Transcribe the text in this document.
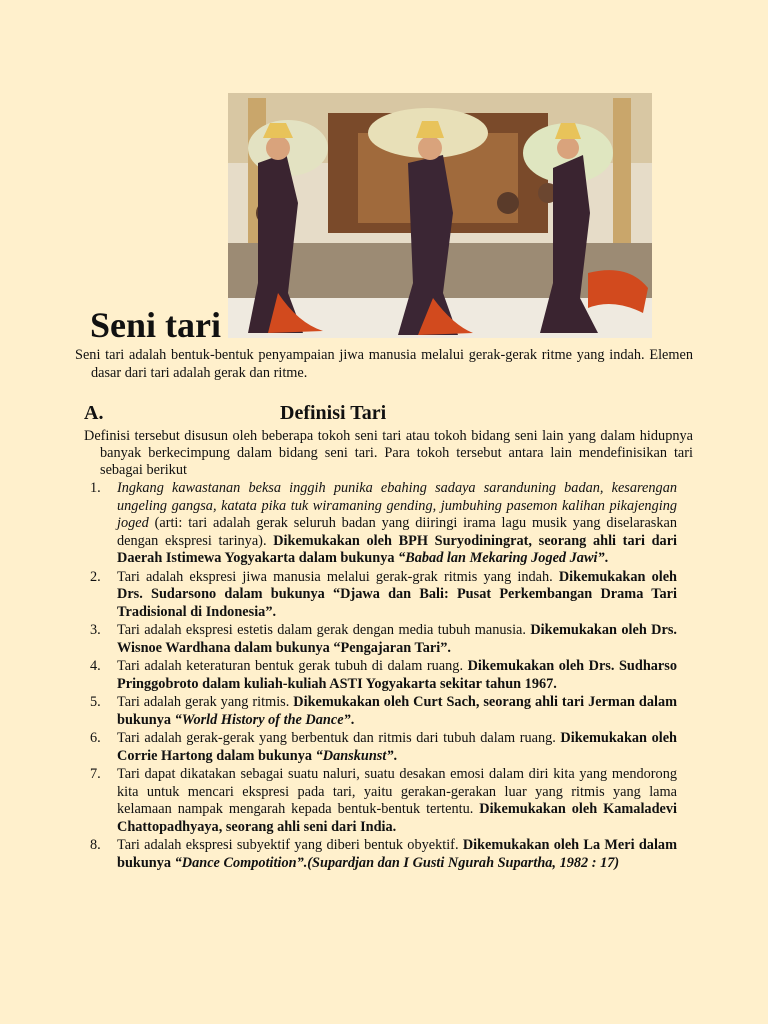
Seni tari

Seni tari adalah bentuk-bentuk penyampaian jiwa manusia melalui gerak-gerak ritme yang indah. Elemen dasar dari tari adalah gerak dan ritme.

A.	Definisi Tari

Definisi tersebut disusun oleh beberapa tokoh seni tari atau tokoh bidang seni lain yang dalam hidupnya banyak berkecimpung dalam bidang seni tari. Para tokoh tersebut antara lain mendefinisikan tari sebagai berikut

1. Ingkang kawastanan beksa inggih punika ebahing sadaya saranduning badan, kesarengan ungeling gangsa, katata pika tuk wiramaning gending, jumbuhing pasemon kalihan pikajenging joged (arti: tari adalah gerak seluruh badan yang diiringi irama lagu musik yang diselaraskan dengan ekspresi tarinya). Dikemukakan oleh BPH Suryodiningrat, seorang ahli tari dari Daerah Istimewa Yogyakarta dalam bukunya “Babad lan Mekaring Joged Jawi”.
2. Tari adalah ekspresi jiwa manusia melalui gerak-grak ritmis yang indah. Dikemukakan oleh Drs. Sudarsono dalam bukunya “Djawa dan Bali: Pusat Perkembangan Drama Tari Tradisional di Indonesia”.
3. Tari adalah ekspresi estetis dalam gerak dengan media tubuh manusia. Dikemukakan oleh Drs. Wisnoe Wardhana dalam bukunya “Pengajaran Tari”.
4. Tari adalah keteraturan bentuk gerak tubuh di dalam ruang. Dikemukakan oleh Drs. Sudharso Pringgobroto dalam kuliah-kuliah ASTI Yogyakarta sekitar tahun 1967.
5. Tari adalah gerak yang ritmis. Dikemukakan oleh Curt Sach, seorang ahli tari Jerman dalam bukunya “World History of the Dance”.
6. Tari adalah gerak-gerak yang berbentuk dan ritmis dari tubuh dalam ruang. Dikemukakan oleh Corrie Hartong dalam bukunya “Danskunst”.
7. Tari dapat dikatakan sebagai suatu naluri, suatu desakan emosi dalam diri kita yang mendorong kita untuk mencari ekspresi pada tari, yaitu gerakan-gerakan luar yang ritmis yang lama kelamaan nampak mengarah kepada bentuk-bentuk tertentu. Dikemukakan oleh Kamaladevi Chattopadhyaya, seorang ahli seni dari India.
8. Tari adalah ekspresi subyektif yang diberi bentuk obyektif. Dikemukakan oleh La Meri dalam bukunya “Dance Compotition”.(Supardjan dan I Gusti Ngurah Supartha, 1982 : 17)
